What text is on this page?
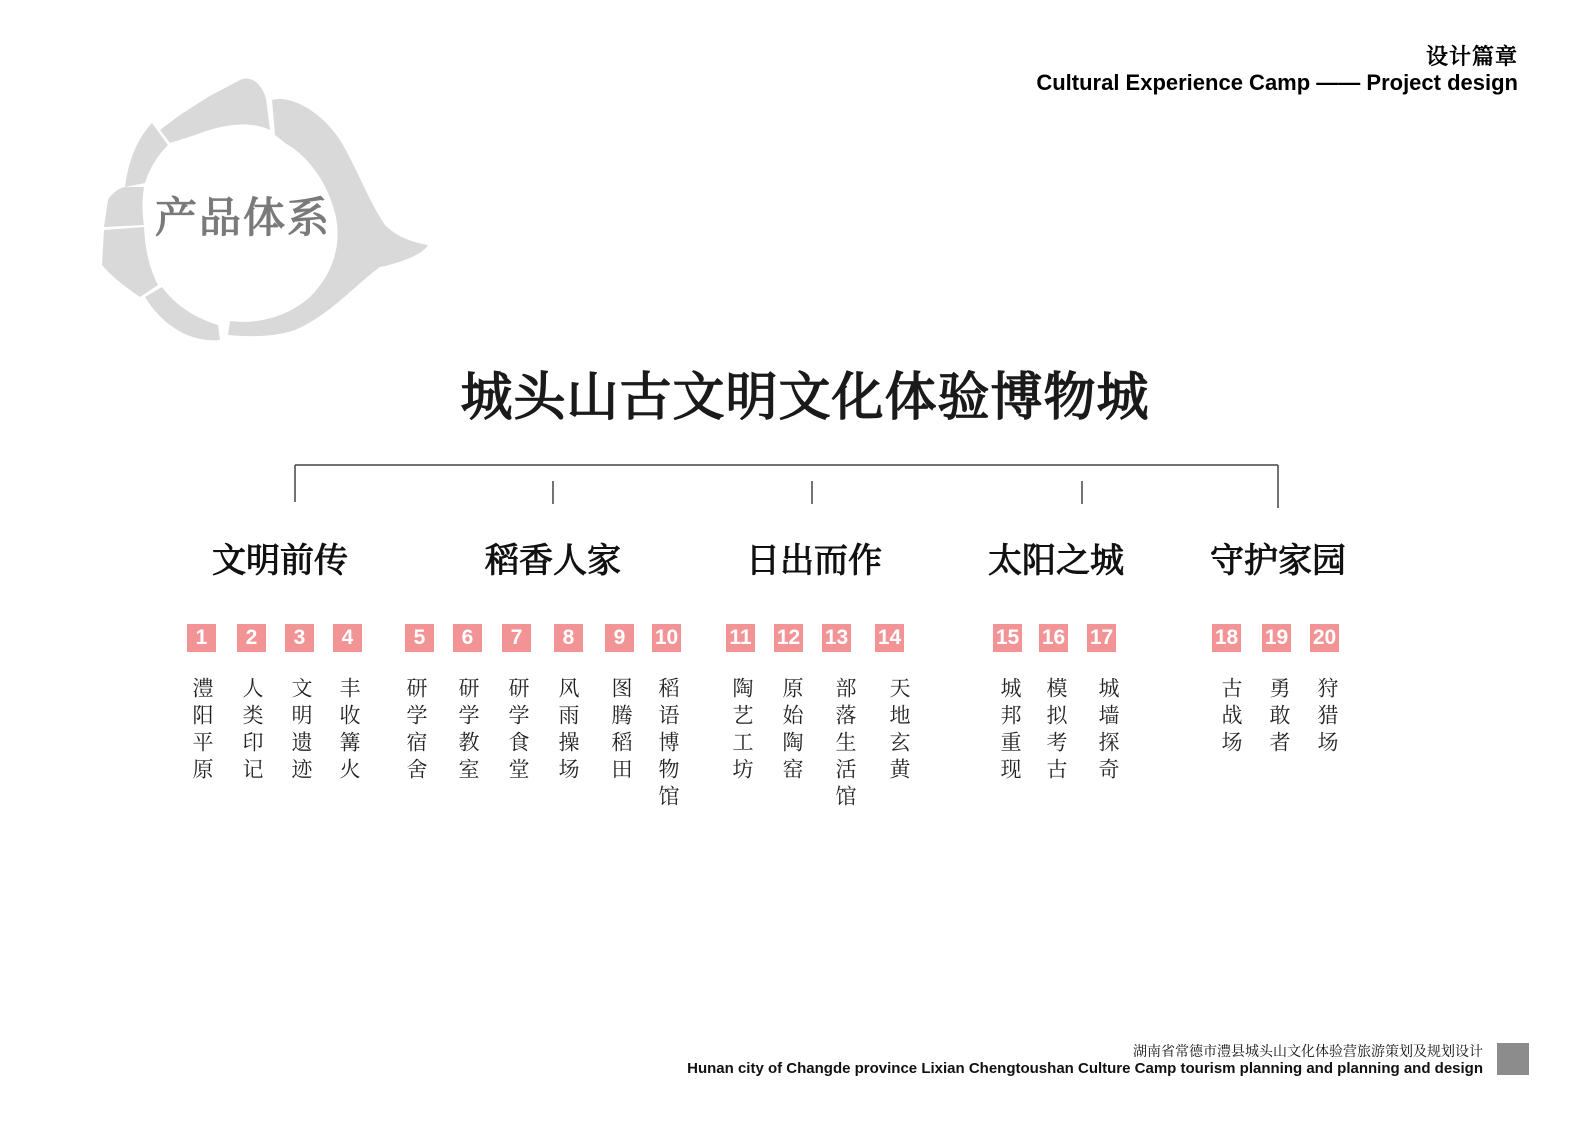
设计篇章
Cultural Experience Camp —— Project design
产品体系
城头山古文明文化体验博物城
文明前传	稻香人家	日出而作	太阳之城	守护家园
1	2	3	4	5	6	7	8	9	10 11 12 13 14	15 16 17	18 19 20
澧阳平原 人类印记 文明遗迹 丰收篝火 研学宿舍 研学教室 研学食堂 风雨操场 图腾稻田 稻语博物馆 陶艺工坊 原始陶窑 部落生活馆 天地玄黄	城邦重现 模拟考古 城墙探奇	古战场 勇敢者 狩猎场
湖南省常德市澧县城头山文化体验营旅游策划及规划设计
Hunan city of Changde province Lixian Chengtoushan Culture Camp tourism planning and planning and design
